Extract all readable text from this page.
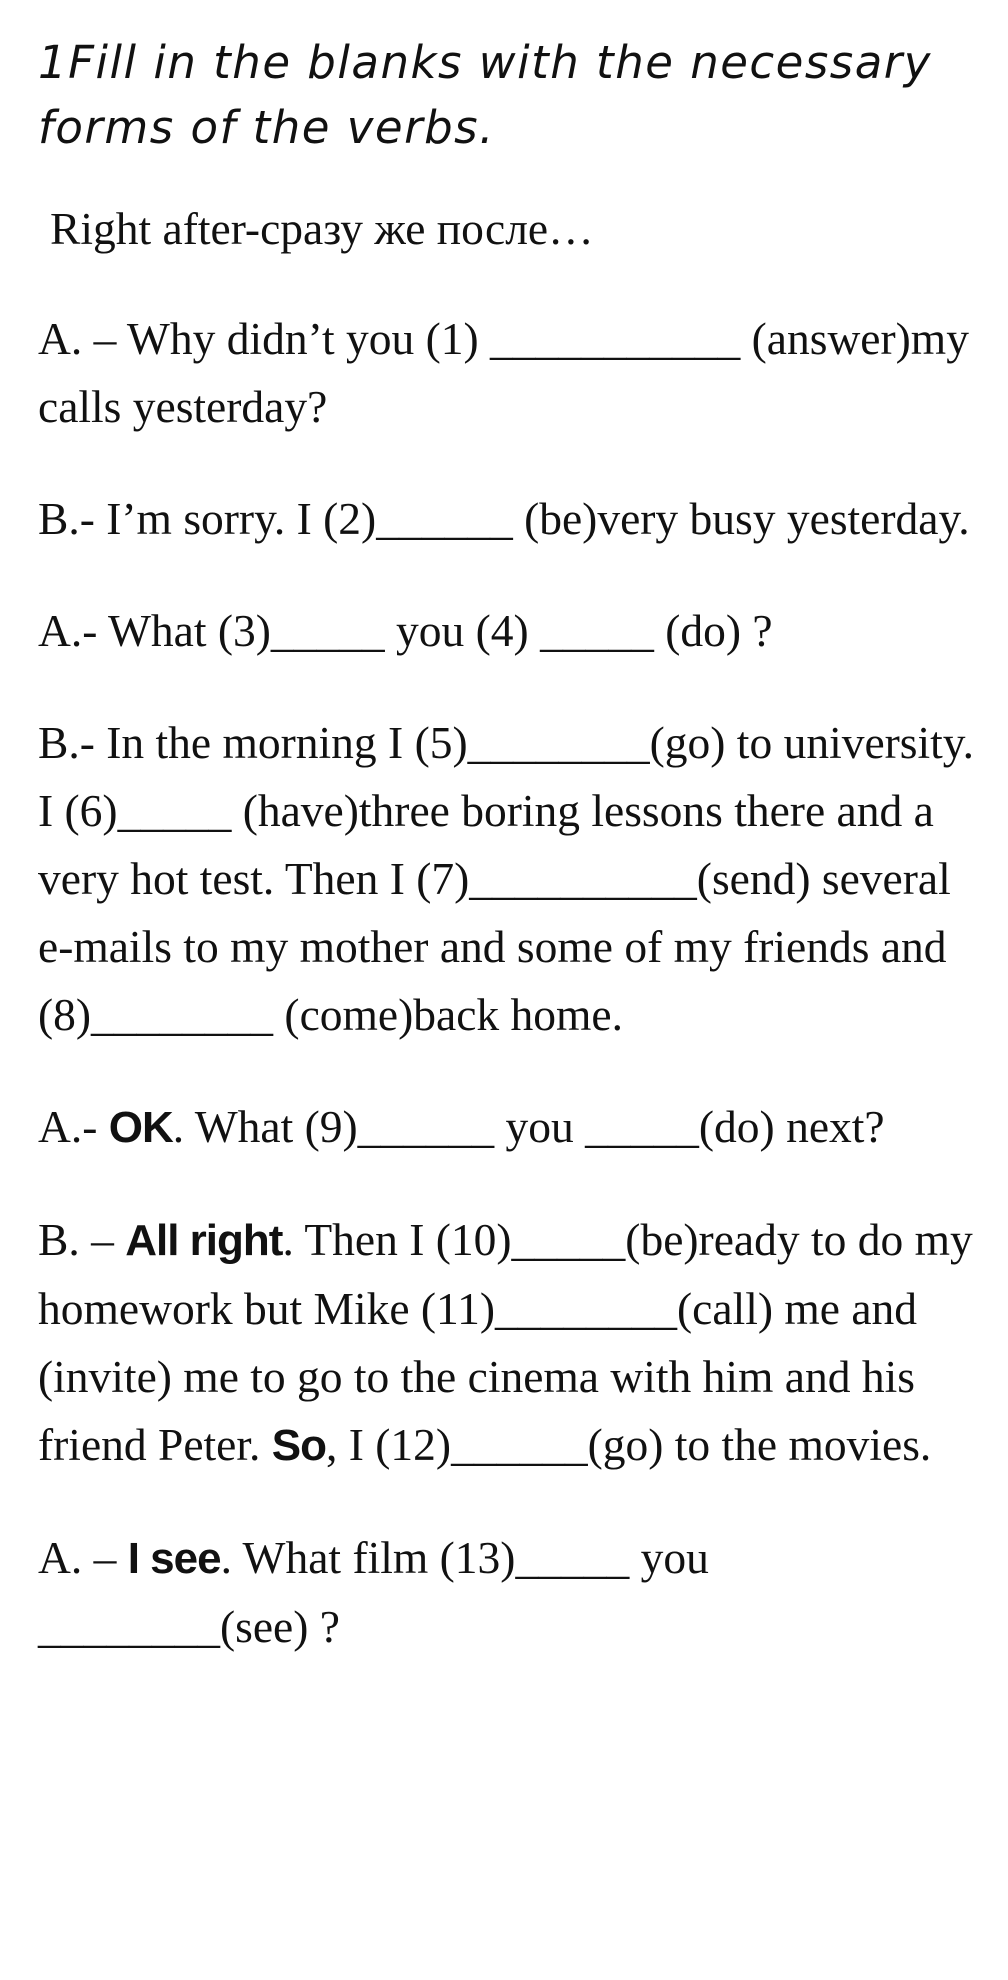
1Fill in the blanks with the necessary forms of the verbs.

Right after-сразу же после…

A. – Why didn’t you (1) ___________ (answer)my calls yesterday?

B.- I’m sorry. I (2)______ (be)very busy yesterday.

A.- What (3)_____ you (4) _____ (do) ?

B.- In the morning I (5)________(go) to university. I (6)_____ (have)three boring lessons there and a very hot test. Then I (7)__________(send) several e-mails to my mother and some of my friends and (8)________ (come)back home.

A.- OK. What (9)______ you _____(do) next?

B. – All right. Then I (10)_____(be)ready to do my homework but Mike (11)________(call) me and (invite) me to go to the cinema with him and his friend Peter. So, I (12)______(go) to the movies.

A. – I see. What film (13)_____ you ________(see) ?
